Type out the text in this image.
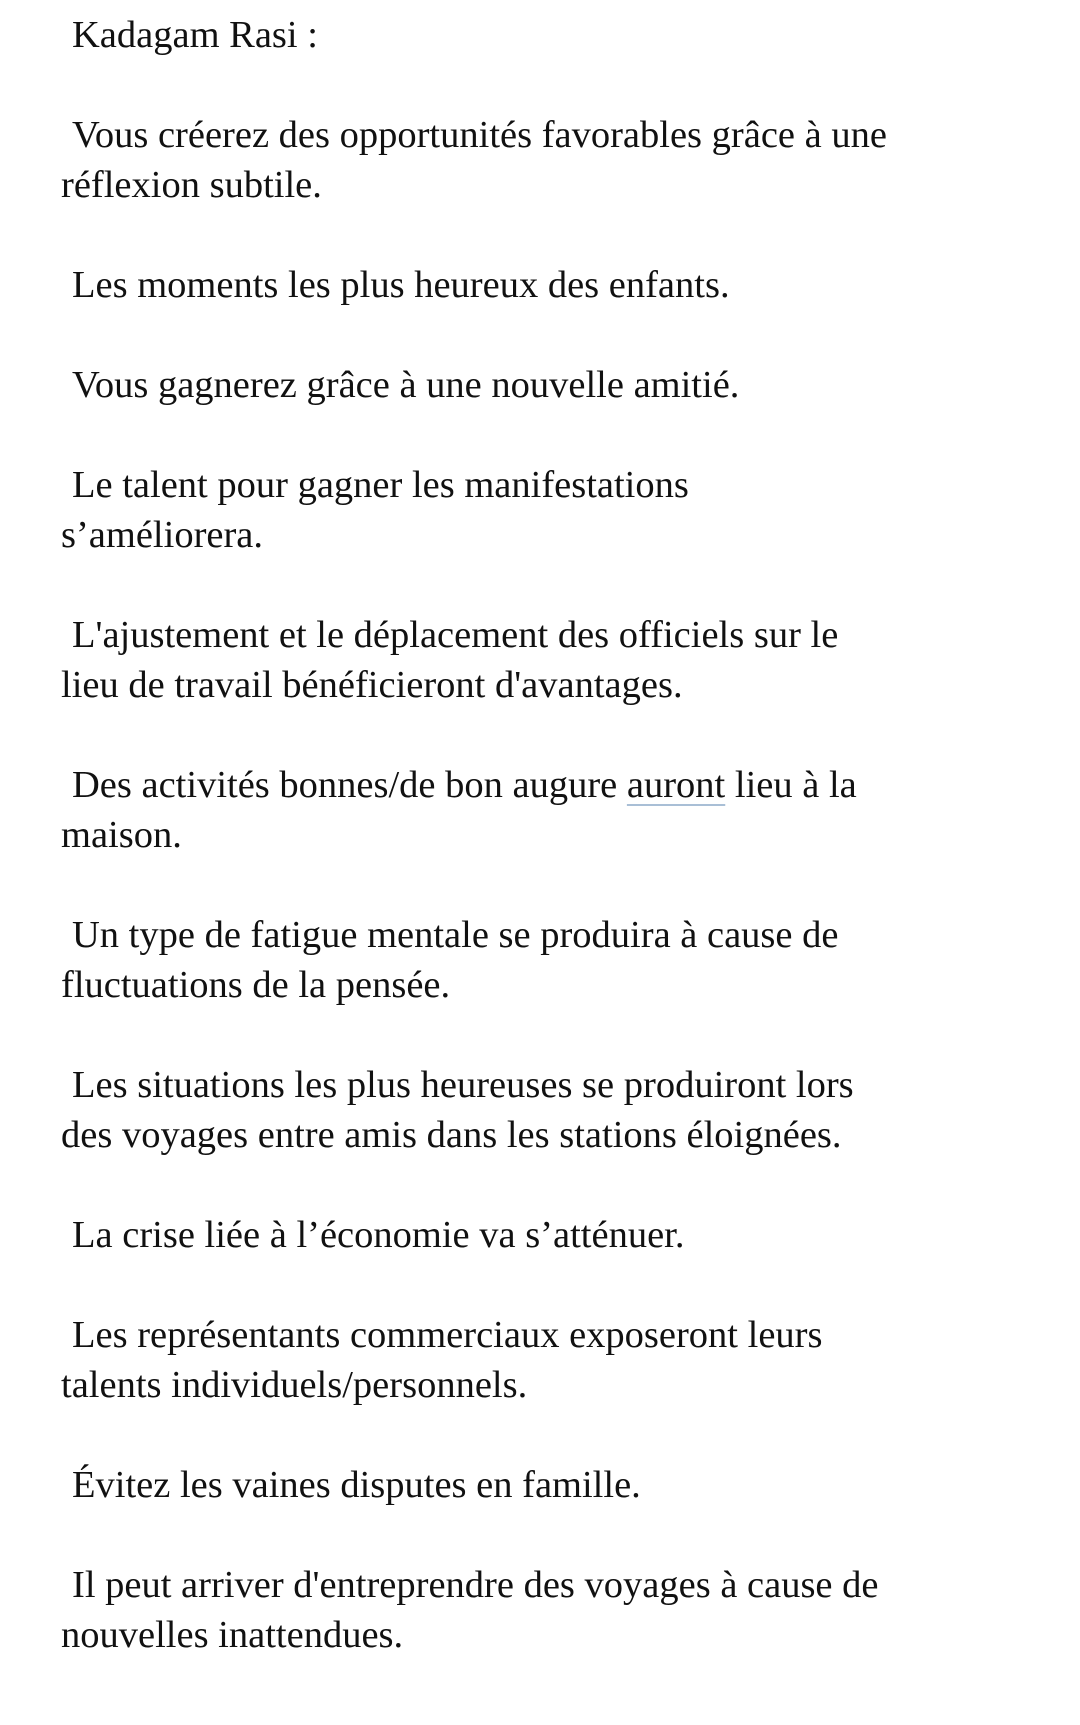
Kadagam Rasi :
Vous créerez des opportunités favorables grâce à une
réflexion subtile.
Les moments les plus heureux des enfants.
Vous gagnerez grâce à une nouvelle amitié.
Le talent pour gagner les manifestations
s’améliorera.
L'ajustement et le déplacement des officiels sur le
lieu de travail bénéficieront d'avantages.
Des activités bonnes/de bon augure auront lieu à la
maison.
Un type de fatigue mentale se produira à cause de
fluctuations de la pensée.
Les situations les plus heureuses se produiront lors
des voyages entre amis dans les stations éloignées.
La crise liée à l’économie va s’atténuer.
Les représentants commerciaux exposeront leurs
talents individuels/personnels.
Évitez les vaines disputes en famille.
Il peut arriver d'entreprendre des voyages à cause de
nouvelles inattendues.
